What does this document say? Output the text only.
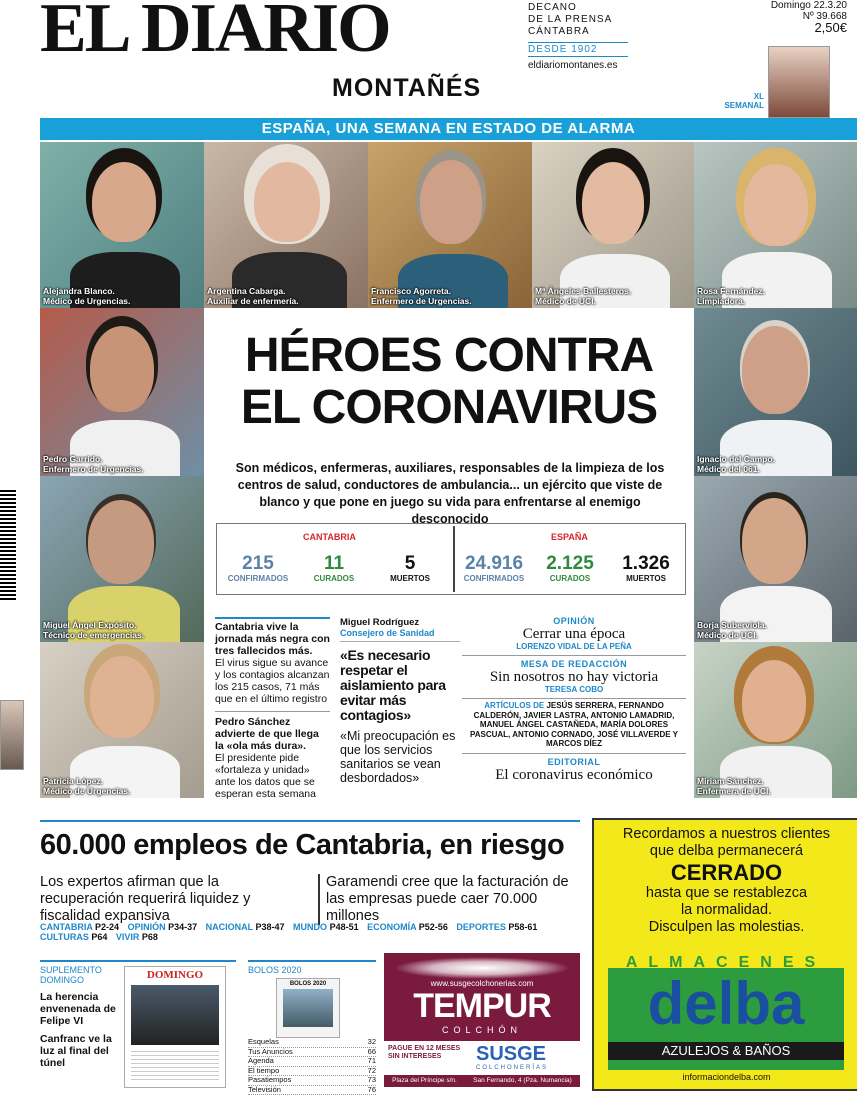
EL DIARIO
MONTAÑÉS
DECANO
DE LA PRENSA
CÁNTABRA
DESDE 1902
eldiariomontanes.es
Domingo 22.3.20
Nº 39.668
2,50€
XL SEMANAL
ESPAÑA, UNA SEMANA EN ESTADO DE ALARMA
Alejandra Blanco.
Médico de Urgencias.
Argentina Cabarga.
Auxiliar de enfermería.
Francisco Agorreta.
Enfermero de Urgencias.
Mª Ángeles Ballesteros.
Médico de UCI.
Rosa Fernández.
Limpiadora.
Pedro Garrido.
Enfermero de Urgencias.
Miguel Ángel Expósito.
Técnico de emergencias.
Patricia López.
Médico de Urgencias.
Ignacio del Campo.
Médico del 061.
Borja Subervíola.
Médico de UCI.
Miriam Sánchez.
Enfermera de UCI.
HÉROES CONTRA
EL CORONAVIRUS
Son médicos, enfermeras, auxiliares, responsables de la limpieza de los centros de salud, conductores de ambulancia... un ejército que viste de blanco y que pone en juego su vida para enfrentarse al enemigo desconocido
CANTABRIA	ESPAÑA
215
CONFIRMADOS
11
CURADOS
5
MUERTOS
24.916
CONFIRMADOS
2.125
CURADOS
1.326
MUERTOS
Cantabria vive la jornada más negra con tres fallecidos más.
El virus sigue su avance y los contagios alcanzan los 215 casos, 71 más que en el último registro
Pedro Sánchez advierte de que llega la «ola más dura».
El presidente pide «fortaleza y unidad» ante los datos que se esperan esta semana
Miguel Rodríguez
Consejero de Sanidad
«Es necesario respetar el aislamiento para evitar más contagios»
«Mi preocupación es que los servicios sanitarios se vean desbordados»
OPINIÓN
Cerrar una época
LORENZO VIDAL DE LA PEÑA
MESA DE REDACCIÓN
Sin nosotros no hay victoria
TERESA COBO
ARTÍCULOS DE JESÚS SERRERA, FERNANDO CALDERÓN, JAVIER LASTRA, ANTONIO LAMADRID, MANUEL ÁNGEL CASTAÑEDA, MARÍA DOLORES PASCUAL, ANTONIO CORNADO, JOSÉ VILLAVERDE Y MARCOS DÍEZ
EDITORIAL
El coronavirus económico
60.000 empleos de Cantabria, en riesgo
Los expertos afirman que la recuperación requerirá liquidez y fiscalidad expansiva
Garamendi cree que la facturación de las empresas puede caer 70.000 millones
CANTABRIA P2-24 OPINIÓN P34-37 NACIONAL P38-47 MUNDO P48-51 ECONOMÍA P52-56 DEPORTES P58-61 CULTURAS P64 VIVIR P68
SUPLEMENTO DOMINGO
La herencia envenenada de Felipe VI
Canfranc ve la luz al final del túnel
DOMINGO	BOLOS 2020
BOLOS 2020
Esquelas	32
Tus Anuncios	66
Agenda	71
El tiempo	72
Pasatiempos	73
Televisión	76
www.susgecolchonerias.com
TEMPUR
COLCHÓN
PAGUE EN 12 MESES SIN INTERESES	SUSGE
COLCHONERÍAS
Plaza del Príncipe s/n.	San Fernando, 4 (Pza. Numancia)
Recordamos a nuestros clientes
que delba permanecerá
CERRADO
hasta que se restablezca
la normalidad.
Disculpen las molestias.
ALMACENES
delba
AZULEJOS & BAÑOS
informaciondelba.com
